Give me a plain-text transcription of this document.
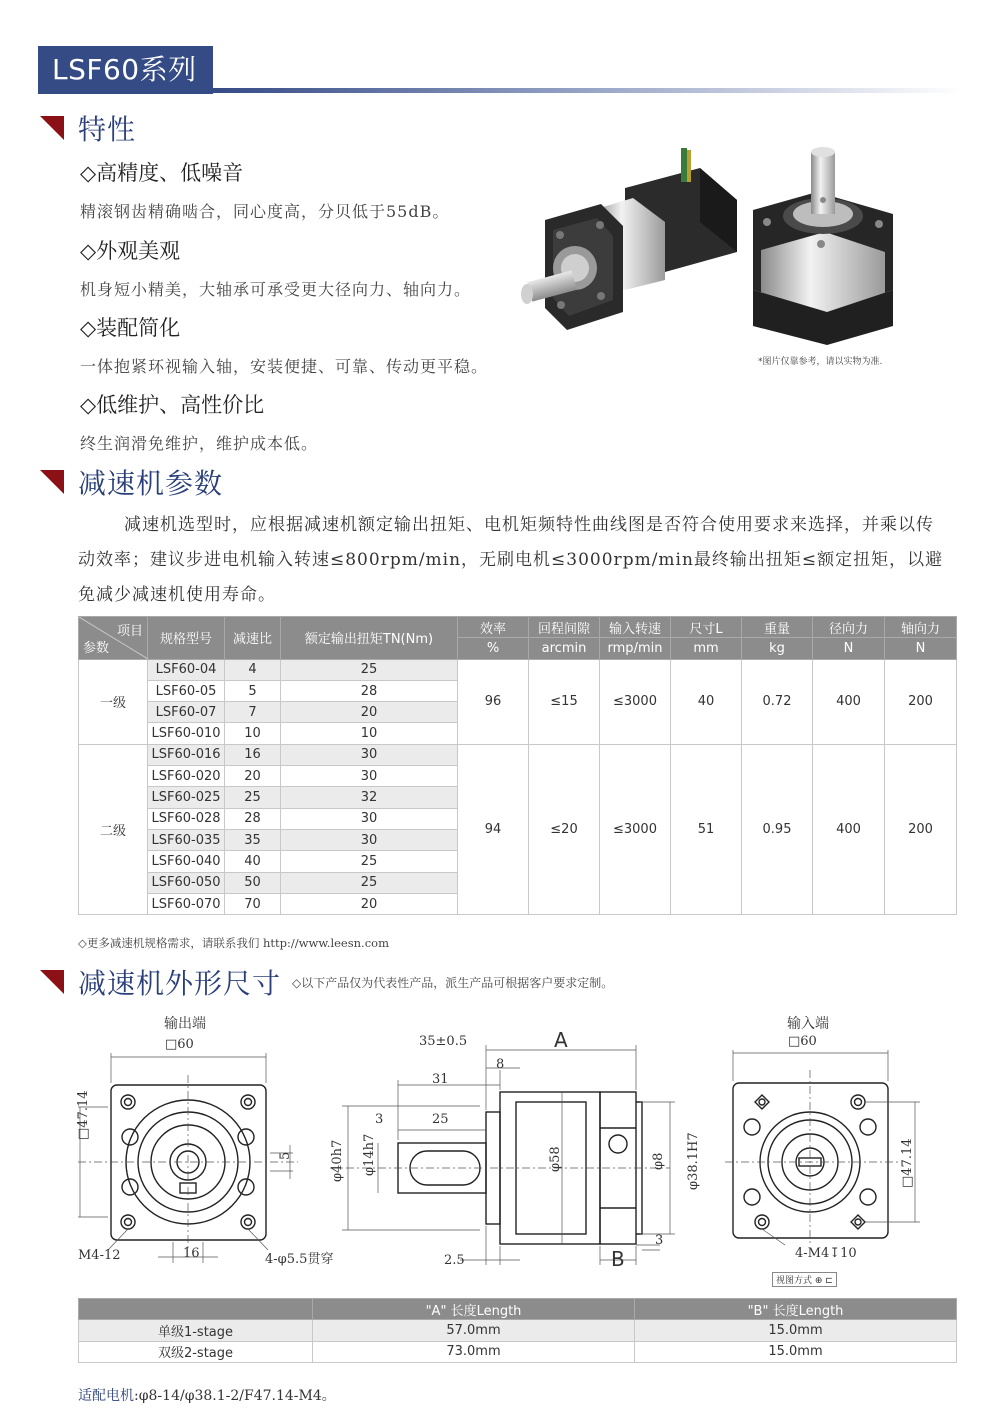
LSF60系列
特性
◇高精度、低噪音
精滚钢齿精确啮合，同心度高，分贝低于55dB。
◇外观美观
机身短小精美，大轴承可承受更大径向力、轴向力。
◇装配简化
一体抱紧环视输入轴，安装便捷、可靠、传动更平稳。
◇低维护、高性价比
终生润滑免维护，维护成本低。
*图片仅靠参考，请以实物为准.
减速机参数
减速机选型时，应根据减速机额定输出扭矩、电机矩频特性曲线图是否符合使用要求来选择，并乘以传动效率；建议步进电机输入转速≤800rpm/min，无刷电机≤3000rpm/min最终输出扭矩≤额定扭矩，以避免减少减速机使用寿命。
项目
参数	规格型号	减速比	额定输出扭矩TN(Nm)	效率	回程间隙	输入转速	尺寸L	重量	径向力	轴向力
				%	arcmin	rmp/min	mm	kg	N	N
一级	LSF60-04	4	25	96	≤15	≤3000	40	0.72	400	200
	LSF60-05	5	28							
	LSF60-07	7	20							
	LSF60-010	10	10							
二级	LSF60-016	16	30	94	≤20	≤3000	51	0.95	400	200
	LSF60-020	20	30							
	LSF60-025	25	32							
	LSF60-028	28	30							
	LSF60-035	35	30							
	LSF60-040	40	25							
	LSF60-050	50	25							
	LSF60-070	70	20							
◇更多减速机规格需求，请联系我们 http://www.leesn.com
减速机外形尺寸 ◇以下产品仅为代表性产品，派生产品可根据客户要求定制。
输出端
□60
□47.14
M4-12	16
5
4-φ5.5贯穿
35±0.5	A
8
31
3	25
φ40h7 φ14h7	φ58	φ8 φ38.1H7
2.5	B
3
输入端
□60
□47.14
4-M4↧10
视图方式 ⊕ ⊏
	"A" 长度Length	"B" 长度Length
单级1-stage	57.0mm	15.0mm
双级2-stage	73.0mm	15.0mm
适配电机:φ8-14/φ38.1-2/F47.14-M4。
